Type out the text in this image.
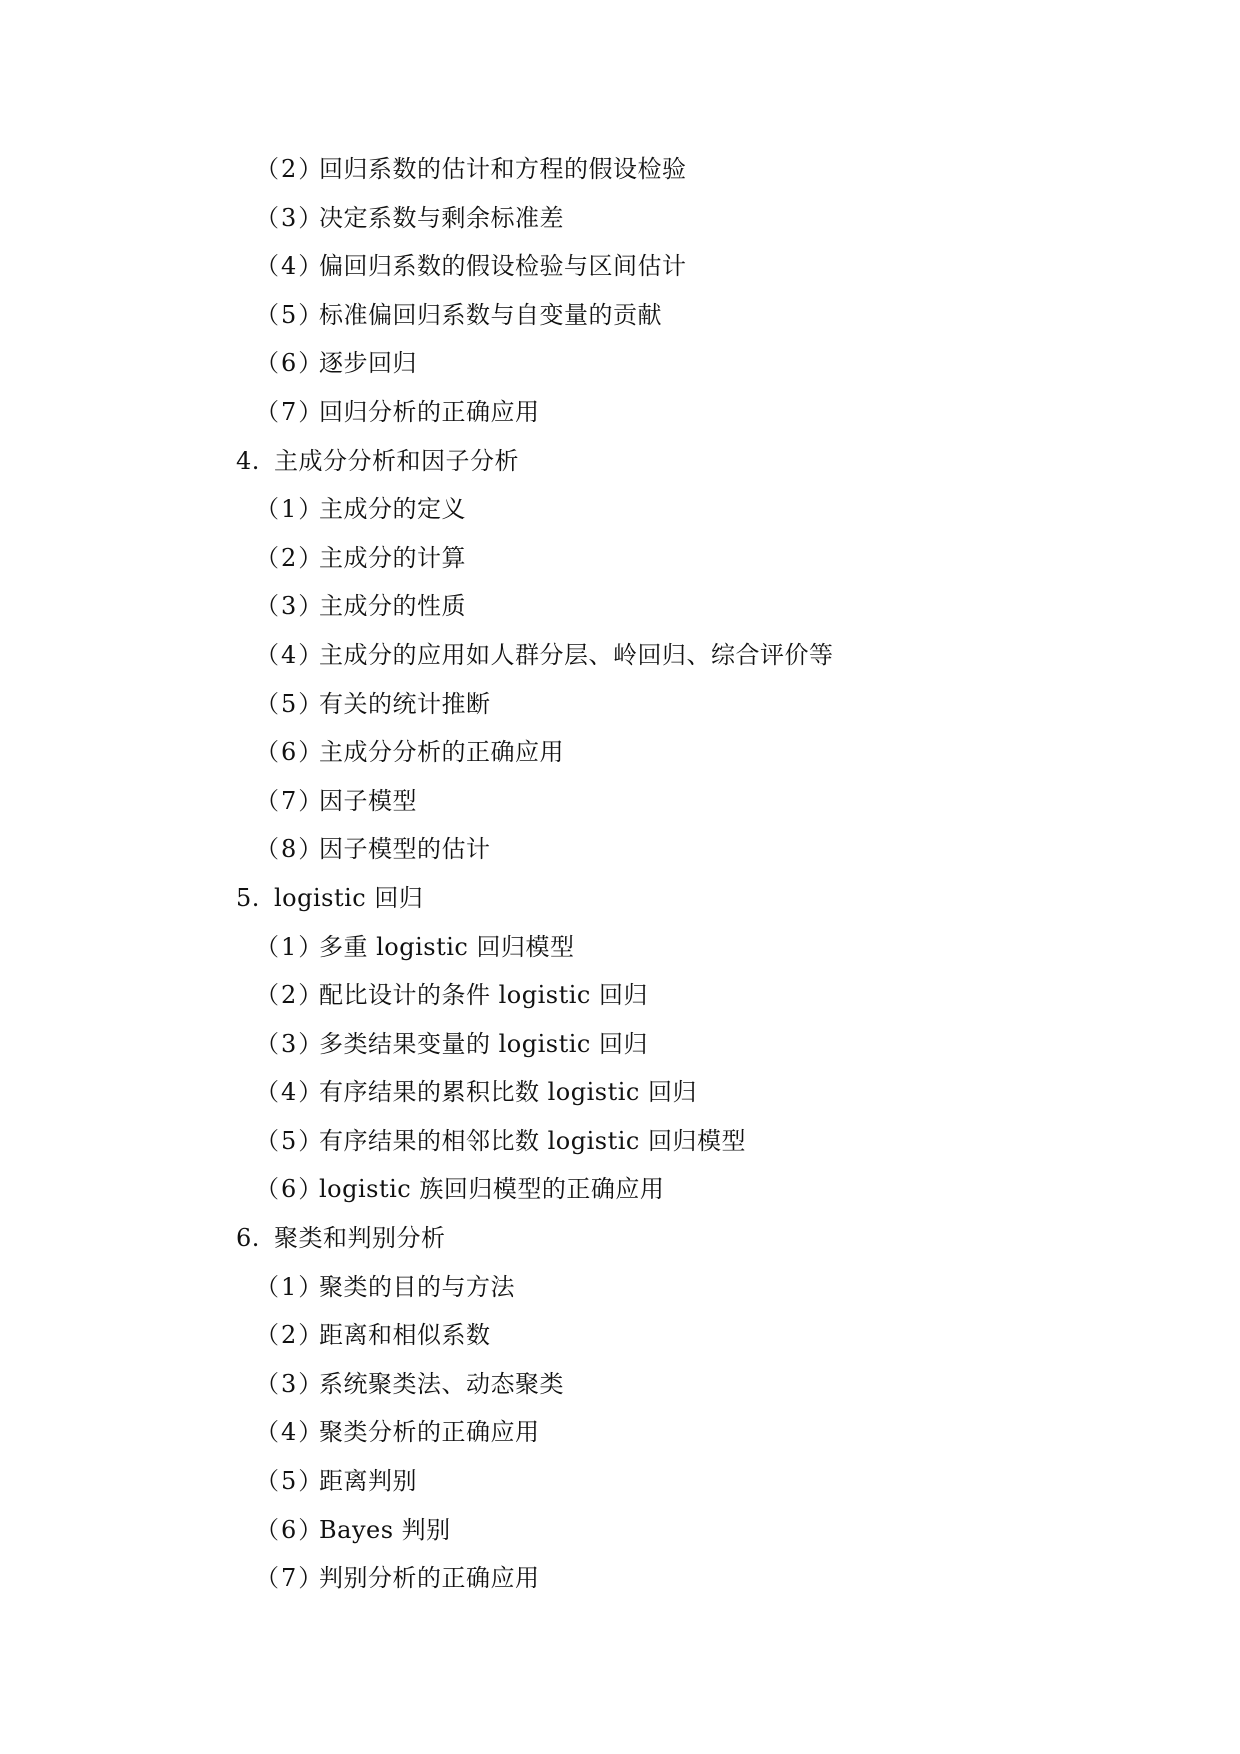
（2）回归系数的估计和方程的假设检验
（3）决定系数与剩余标准差
（4）偏回归系数的假设检验与区间估计
（5）标准偏回归系数与自变量的贡献
（6）逐步回归
（7）回归分析的正确应用
4. 主成分分析和因子分析
（1）主成分的定义
（2）主成分的计算
（3）主成分的性质
（4）主成分的应用如人群分层、岭回归、综合评价等
（5）有关的统计推断
（6）主成分分析的正确应用
（7）因子模型
（8）因子模型的估计
5. logistic 回归
（1）多重 logistic 回归模型
（2）配比设计的条件 logistic 回归
（3）多类结果变量的 logistic 回归
（4）有序结果的累积比数 logistic 回归
（5）有序结果的相邻比数 logistic 回归模型
（6）logistic 族回归模型的正确应用
6. 聚类和判别分析
（1）聚类的目的与方法
（2）距离和相似系数
（3）系统聚类法、动态聚类
（4）聚类分析的正确应用
（5）距离判别
（6）Bayes 判别
（7）判别分析的正确应用
